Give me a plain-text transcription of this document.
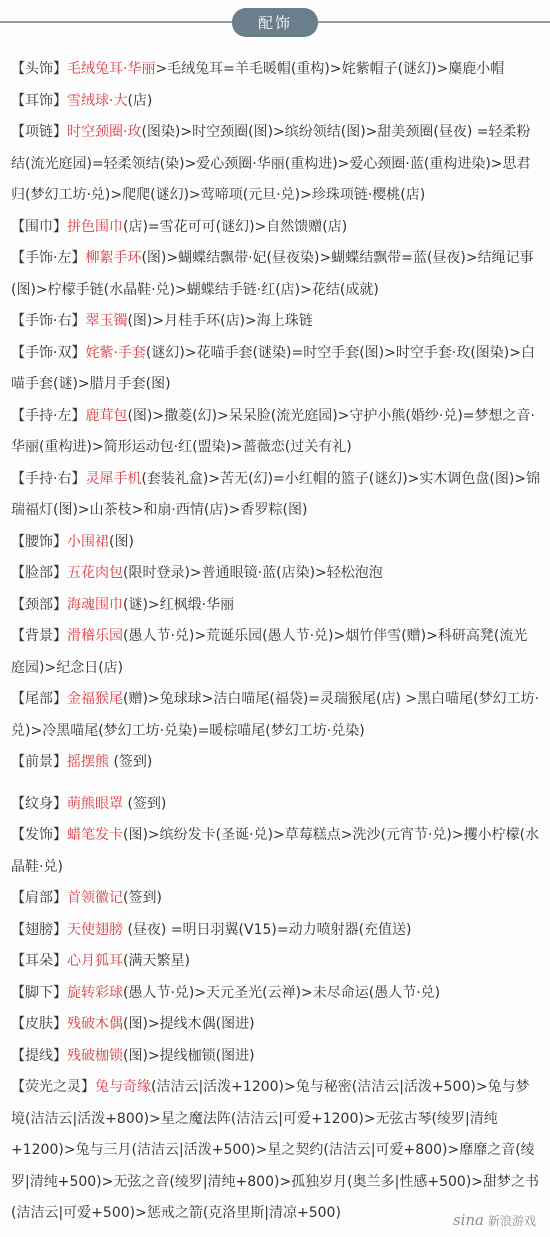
配饰

【头饰】毛绒兔耳·华丽>毛绒兔耳=羊毛暖帽(重构)>姹紫帽子(谜幻)>麋鹿小帽

【耳饰】雪绒球·大(店)

【项链】时空颈圈·玫(图染)>时空颈圈(图)>缤纷领结(图)>甜美颈圈(昼夜) =轻柔粉结(流光庭园)=轻柔领结(染)>爱心颈圈·华丽(重构进)>爱心颈圈·蓝(重构进染)>思君归(梦幻工坊·兑)>爬爬(谜幻)>莺啼项(元旦·兑)>珍珠项链·樱桃(店)

【围巾】拼色围巾(店)=雪花可可(谜幻)>自然馈赠(店)

【手饰·左】柳絮手环(图)>蝴蝶结飘带·妃(昼夜染)>蝴蝶结飘带=蓝(昼夜)>结绳记事(图)>柠檬手链(水晶鞋·兑)>蝴蝶结手链·红(店)>花结(成就)

【手饰·右】翠玉镯(图)>月桂手环(店)>海上珠链

【手饰·双】姹紫·手套(谜幻)>花喵手套(谜染)=时空手套(图)>时空手套·玫(图染)>白喵手套(谜)>腊月手套(图)

【手持·左】鹿茸包(图)>撒菱(幻)>呆呆脸(流光庭园)>守护小熊(婚纱·兑)=梦想之音·华丽(重构进)>简形运动包·红(盟染)>蔷薇恋(过关有礼)

【手持·右】灵犀手机(套装礼盒)>苦无(幻)=小红帽的篮子(谜幻)>实木调色盘(图)>锦瑞福灯(图)>山茶枝>和扇·西情(店)>香罗粽(图)

【腰饰】小围裙(图)

【脸部】五花肉包(限时登录)>普通眼镜·蓝(店染)>轻松泡泡

【颈部】海魂围巾(谜)>红枫缎·华丽

【背景】滑稽乐园(愚人节·兑)>荒诞乐园(愚人节·兑)>烟竹伴雪(赠)>科研高凳(流光庭园)>纪念日(店)

【尾部】金福猴尾(赠)>兔球球>洁白喵尾(福袋)=灵瑞猴尾(店) >黑白喵尾(梦幻工坊·兑)>冷黑喵尾(梦幻工坊·兑染)=暖棕喵尾(梦幻工坊·兑染)

【前景】摇摆熊 (签到)

【纹身】萌熊眼罩 (签到)

【发饰】蜡笔发卡(图)>缤纷发卡(圣诞·兑)>草莓糕点>洗沙(元宵节·兑)>攫小柠檬(水晶鞋·兑)

【肩部】首领徽记(签到)

【翅膀】天使翅膀 (昼夜) =明日羽翼(V15)=动力喷射器(充值送)

【耳朵】心月狐耳(满天繁星)

【脚下】旋转彩球(愚人节·兑)>天元圣光(云禅)>未尽命运(愚人节·兑)

【皮肤】残破木偶(图)>提线木偶(图进)

【提线】残破枷锁(图)>提线枷锁(图进)

【荧光之灵】兔与奇缘(洁洁云|活泼+1200)>兔与秘密(洁洁云|活泼+500)>兔与梦境(洁洁云|活泼+800)>星之魔法阵(洁洁云|可爱+1200)>无弦古琴(绫罗|清纯+1200)>兔与三月(洁洁云|活泼+500)>星之契约(洁洁云|可爱+800)>靡靡之音(绫罗|清纯+500)>无弦之音(绫罗|清纯+800)>孤独岁月(奥兰多|性感+500)>甜梦之书(洁洁云|可爱+500)>惩戒之箭(克洛里斯|清凉+500)	sina 新浪游戏
